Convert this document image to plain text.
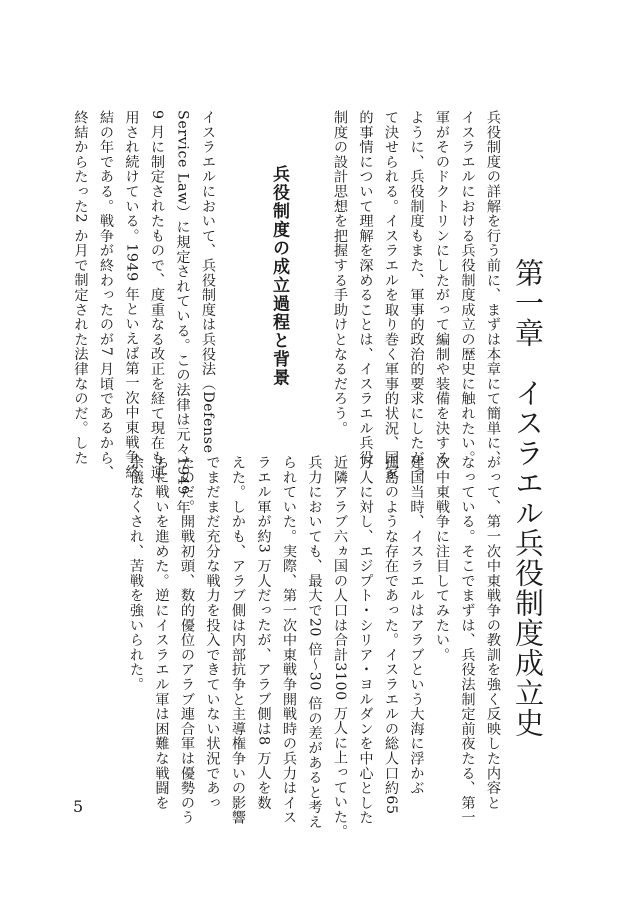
第一章　イスラエル兵役制度成立史
兵役制度の詳解を行う前に、まずは本章にて簡単に、
イスラエルにおける兵役制度成立の歴史に触れたい。
軍がそのドクトリンにしたがって編制や装備を決する
ように、兵役制度もまた、軍事的政治的要求にしたがっ
て決せられる。イスラエルを取り巻く軍事的状況、国家
的事情について理解を深めることは、イスラエル兵役
制度の設計思想を把握する手助けとなるだろう。
兵役制度の成立過程と背景
イスラエルにおいて、兵役制度は兵役法（Defense
Service Law）に規定されている。この法律は元々1949 年
9 月に制定されたもので、度重なる改正を経て現在も運
用され続けている。1949 年といえば第一次中東戦争終
結の年である。戦争が終わったのが7 月頃であるから、
終結からたった2 か月で制定された法律なのだ。した
がって、第一次中東戦争の教訓を強く反映した内容と
なっている。そこでまずは、兵役法制定前夜たる、第一
次中東戦争に注目してみたい。
建国当時、イスラエルはアラブという大海に浮かぶ
孤島のような存在であった。イスラエルの総人口約65
万人に対し、エジプト・シリア・ヨルダンを中心とした
近隣アラブ六ヵ国の人口は合計3100 万人に上っていた。
兵力においても、最大で20 倍～30 倍の差があると考え
られていた。実際、第一次中東戦争開戦時の兵力はイス
ラエル軍が約3 万人だったが、アラブ側は8 万人を数
えた。しかも、アラブ側は内部抗争と主導権争いの影響
でまだまだ充分な戦力を投入できていない状況であっ
たのだ。開戦初頭、数的優位のアラブ連合軍は優勢のう
ちに戦いを進めた。逆にイスラエル軍は困難な戦闘を
余儀なくされ、苦戦を強いられた。
5
